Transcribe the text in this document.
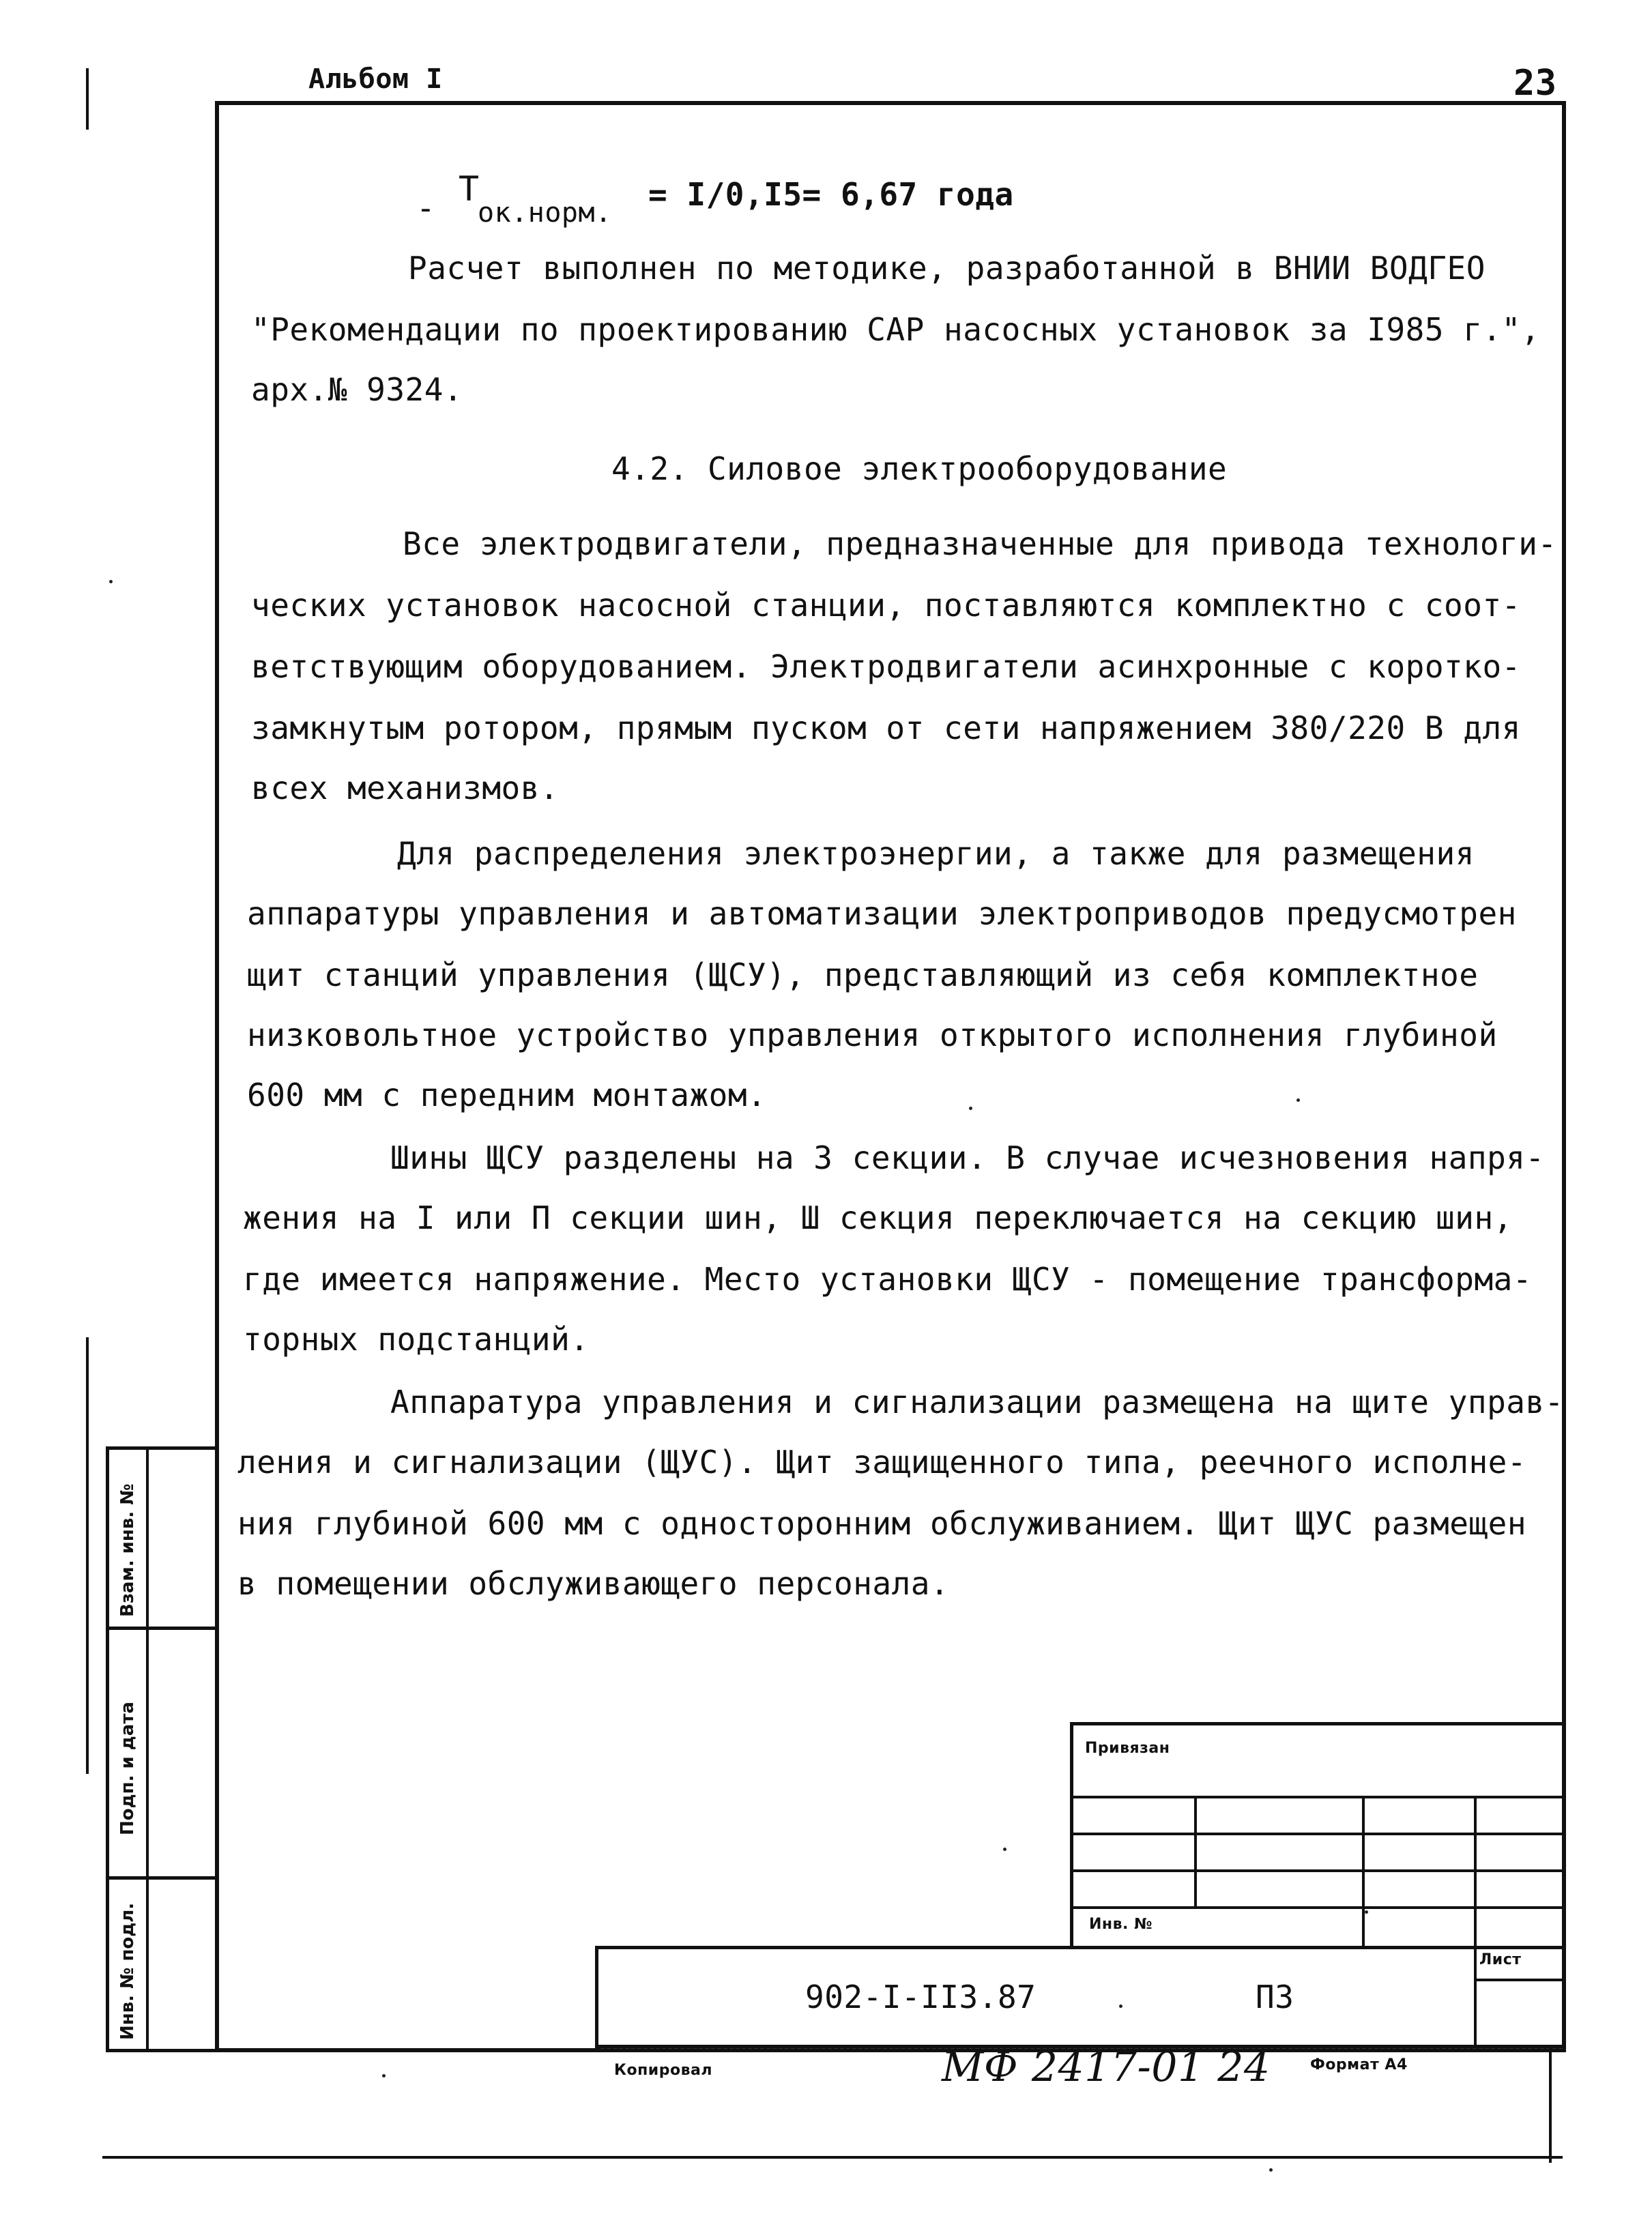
Альбом I	23
- Т
ок.норм. = I/0,I5= 6,67 года
Расчет выполнен по методике, разработанной в ВНИИ ВОДГЕО
"Рекомендации по проектированию САР насосных установок за I985 г.",
арх.№ 9324.
4.2. Силовое электрооборудование
Все электродвигатели, предназначенные для привода технологи-
ческих установок насосной станции, поставляются комплектно с соот-
ветствующим оборудованием. Электродвигатели асинхронные с коротко-
замкнутым ротором, прямым пуском от сети напряжением 380/220 В для
всех механизмов.
Для распределения электроэнергии, а также для размещения
аппаратуры управления и автоматизации электроприводов предусмотрен
щит станций управления (ЩСУ), представляющий из себя комплектное
низковольтное устройство управления открытого исполнения глубиной
600 мм с передним монтажом.
Шины ЩСУ разделены на 3 секции. В случае исчезновения напря-
жения на I или П секции шин, Ш секция переключается на секцию шин,
где имеется напряжение. Место установки ЩСУ - помещение трансформа-
торных подстанций.
Аппаратура управления и сигнализации размещена на щите управ-
ления и сигнализации (ЩУС). Щит защищенного типа, реечного исполне-
ния глубиной 600 мм с односторонним обслуживанием. Щит ЩУС размещен
в помещении обслуживающего персонала.
Взам. инв. №
Подп. и дата
Инв. № подл.
Привязан
Инв. №
902-I-II3.87	ПЗ
Лист
Копировал	МФ 2417-01 24	Формат А4
